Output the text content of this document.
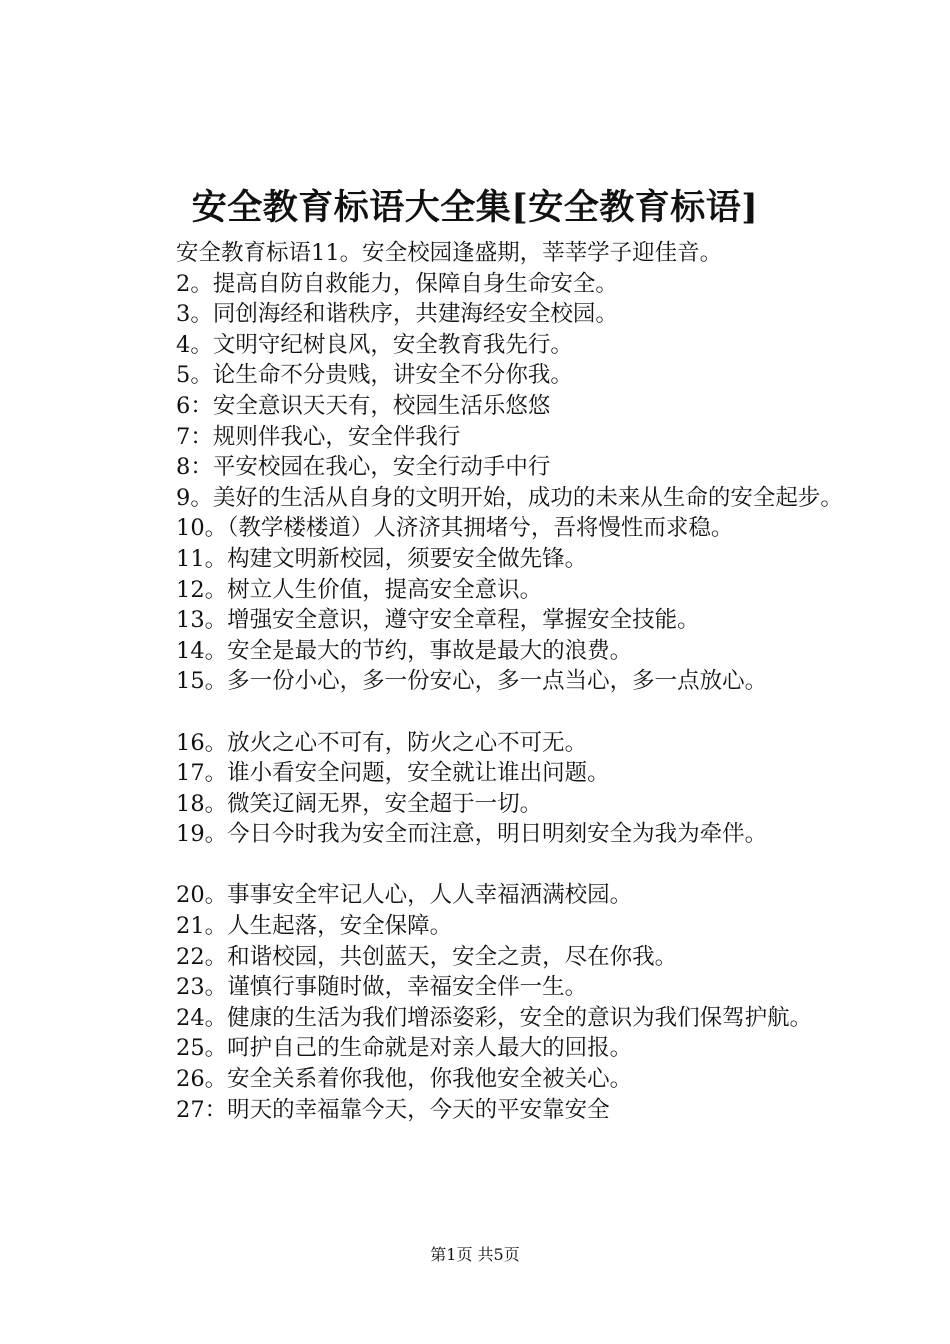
安全教育标语大全集[安全教育标语]

安全教育标语11。安全校园逢盛期，莘莘学子迎佳音。

2。提高自防自救能力，保障自身生命安全。

3。同创海经和谐秩序，共建海经安全校园。

4。文明守纪树良风，安全教育我先行。

5。论生命不分贵贱，讲安全不分你我。

6：安全意识天天有，校园生活乐悠悠

7：规则伴我心，安全伴我行

8：平安校园在我心，安全行动手中行

9。美好的生活从自身的文明开始，成功的未来从生命的安全起步。

10。（教学楼楼道）人济济其拥堵兮，吾将慢性而求稳。

11。构建文明新校园，须要安全做先锋。

12。树立人生价值，提高安全意识。

13。增强安全意识，遵守安全章程，掌握安全技能。

14。安全是最大的节约，事故是最大的浪费。

15。多一份小心，多一份安心，多一点当心，多一点放心。

16。放火之心不可有，防火之心不可无。

17。谁小看安全问题，安全就让谁出问题。

18。微笑辽阔无界，安全超于一切。

19。今日今时我为安全而注意，明日明刻安全为我为牵伴。

20。事事安全牢记人心，人人幸福洒满校园。

21。人生起落，安全保障。

22。和谐校园，共创蓝天，安全之责，尽在你我。

23。谨慎行事随时做，幸福安全伴一生。

24。健康的生活为我们增添姿彩，安全的意识为我们保驾护航。

25。呵护自己的生命就是对亲人最大的回报。

26。安全关系着你我他，你我他安全被关心。

27：明天的幸福靠今天，今天的平安靠安全

第1页 共5页
